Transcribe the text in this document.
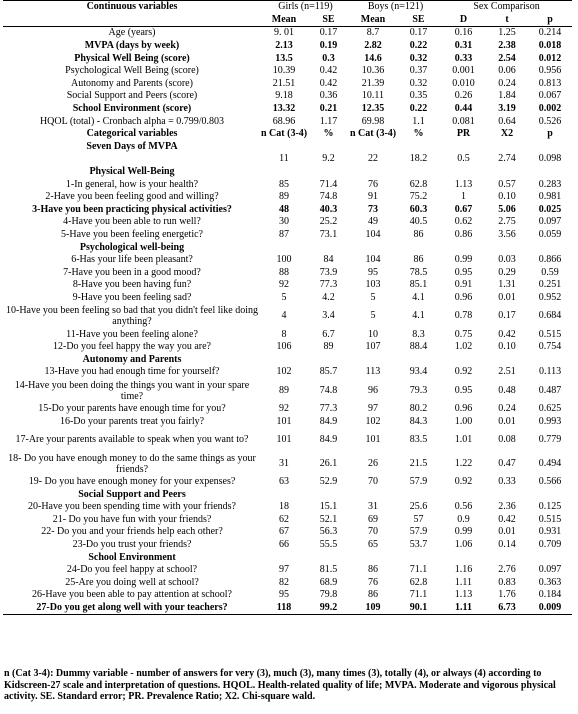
Continuous variables	Girls (n=119)		Boys (n=121)		Sex Comparison		
	Mean	SE	Mean	SE	D	t	p
Age (years)	9. 01	0.17	8.7	0.17	0.16	1.25	0.214
MVPA (days by week)	2.13	0.19	2.82	0.22	0.31	2.38	0.018
Physical Well Being (score)	13.5	0.3	14.6	0.32	0.33	2.54	0.012
Psychological Well Being (score)	10.39	0.42	10.36	0.37	0.001	0.06	0.956
Autonomy and Parents (score)	21.51	0.42	21.39	0.32	0.010	0.24	0.813
Social Support and Peers (score)	9.18	0.36	10.11	0.35	0.26	1.84	0.067
School Environment (score)	13.32	0.21	12.35	0.22	0.44	3.19	0.002
HQOL (total) - Cronbach alpha = 0.799/0.803	68.96	1.17	69.98	1.1	0.081	0.64	0.526
Categorical variables	n Cat (3-4)	%	n Cat (3-4)	%	PR	X2	p
Seven Days of MVPA							
	11	9.2	22	18.2	0.5	2.74	0.098
Physical Well-Being							
1-In general, how is your health?	85	71.4	76	62.8	1.13	0.57	0.283
2-Have you been feeling good and willing?	89	74.8	91	75.2	1	0.10	0.981
3-Have you been practicing physical activities?	48	40.3	73	60.3	0.67	5.06	0.025
4-Have you been able to run well?	30	25.2	49	40.5	0.62	2.75	0.097
5-Have you been feeling energetic?	87	73.1	104	86	0.86	3.56	0.059
Psychological well-being							
6-Has your life been pleasant?	100	84	104	86	0.99	0.03	0.866
7-Have you been in a good mood?	88	73.9	95	78.5	0.95	0.29	0.59
8-Have you been having fun?	92	77.3	103	85.1	0.91	1.31	0.251
9-Have you been feeling sad?	5	4.2	5	4.1	0.96	0.01	0.952
10-Have you been feeling so bad that you didn't feel like doing anything?	4	3.4	5	4.1	0.78	0.17	0.684
11-Have you been feeling alone?	8	6.7	10	8.3	0.75	0.42	0.515
12-Do you feel happy the way you are?	106	89	107	88.4	1.02	0.10	0.754
Autonomy and Parents							
13-Have you had enough time for yourself?	102	85.7	113	93.4	0.92	2.51	0.113
14-Have you been doing the things you want in your spare time?	89	74.8	96	79.3	0.95	0.48	0.487
15-Do your parents have enough time for you?	92	77.3	97	80.2	0.96	0.24	0.625
16-Do your parents treat you fairly?	101	84.9	102	84.3	1.00	0.01	0.993
17-Are your parents available to speak when you want to?	101	84.9	101	83.5	1.01	0.08	0.779
18- Do you have enough money to do the same things as your friends?	31	26.1	26	21.5	1.22	0.47	0.494
19- Do you have enough money for your expenses?	63	52.9	70	57.9	0.92	0.33	0.566
Social Support and Peers							
20-Have you been spending time with your friends?	18	15.1	31	25.6	0.56	2.36	0.125
21- Do you have fun with your friends?	62	52.1	69	57	0.9	0.42	0.515
22- Do you and your friends help each other?	67	56.3	70	57.9	0.99	0.01	0.931
23-Do you trust your friends?	66	55.5	65	53.7	1.06	0.14	0.709
School Environment							
24-Do you feel happy at school?	97	81.5	86	71.1	1.16	2.76	0.097
25-Are you doing well at school?	82	68.9	76	62.8	1.11	0.83	0.363
26-Have you been able to pay attention at school?	95	79.8	86	71.1	1.13	1.76	0.184
27-Do you get along well with your teachers?	118	99.2	109	90.1	1.11	6.73	0.009
n (Cat 3-4): Dummy variable - number of answers for very (3), much (3), many times (3), totally (4), or always (4) according to Kidscreen-27 scale and interpretation of questions. HQOL. Health-related quality of life; MVPA. Moderate and vigorous physical activity. SE. Standard error; PR. Prevalence Ratio; X2. Chi-square wald.
